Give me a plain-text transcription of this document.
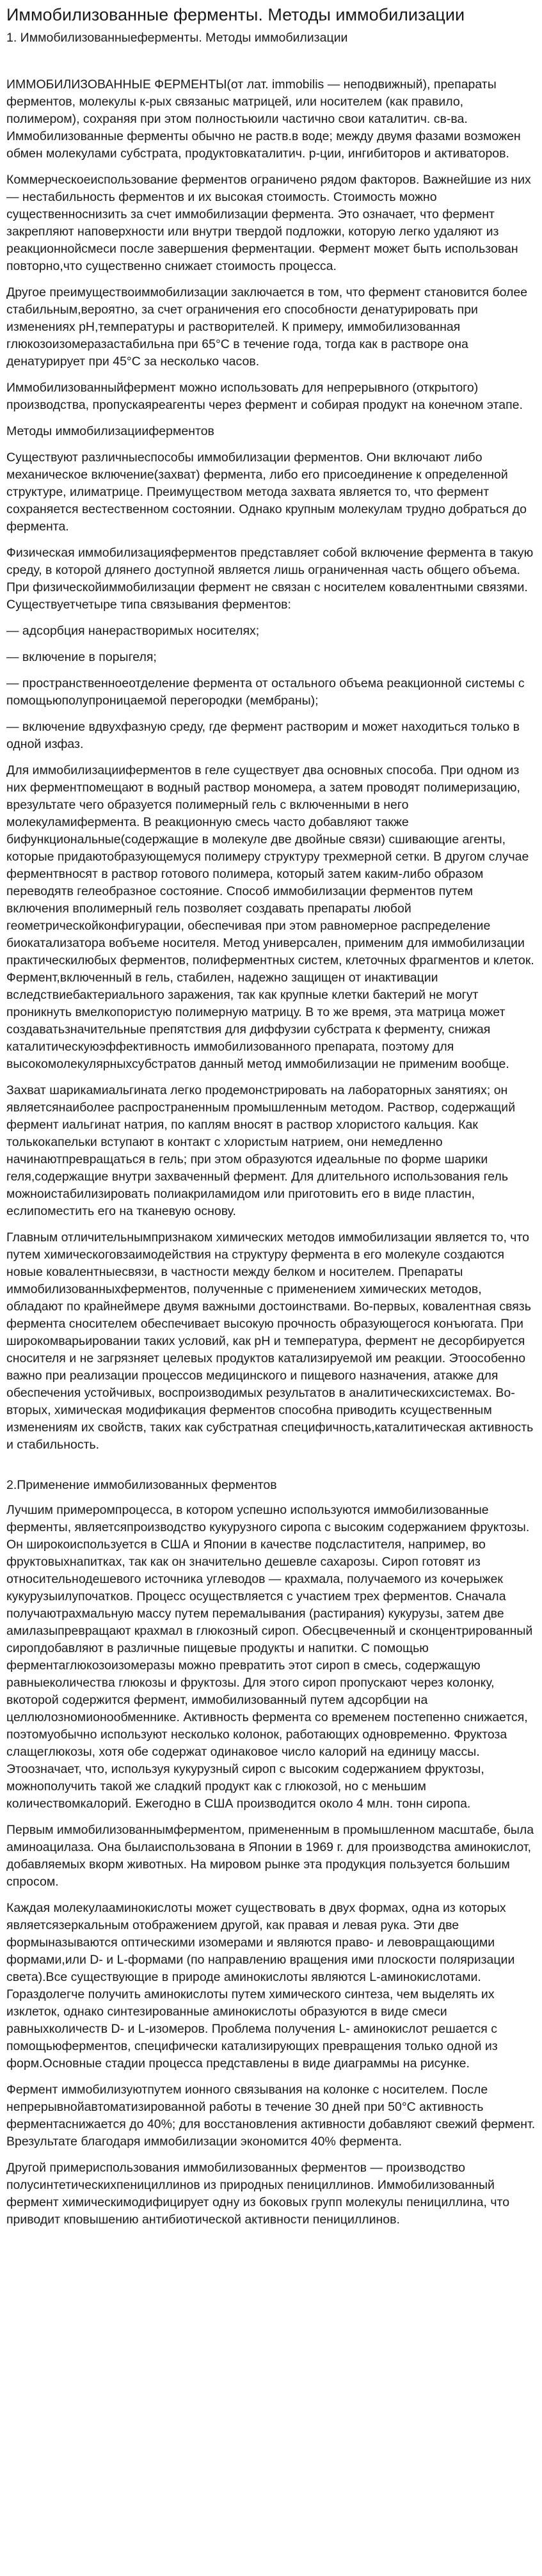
Иммобилизованные ферменты. Методы иммобилизации
1. Иммобилизованныеферменты. Методы иммобилизации

ИММОБИЛИЗОВАННЫЕ ФЕРМЕНТЫ(от лат. immobilis — неподвижный), препараты ферментов, молекулы к-рых связаныс матрицей, или носителем (как правило, полимером), сохраняя при этом полностьюили частично свои каталитич. св-ва. Иммобилизованные ферменты обычно не раств.в воде; между двумя фазами возможен обмен молекулами субстрата, продуктовкаталитич. р-ции, ингибиторов и активаторов.

Коммерческоеиспользование ферментов ограничено рядом факторов. Важнейшие из них — нестабильность ферментов и их высокая стоимость. Стоимость можно существенноснизить за счет иммобилизации фермента. Это означает, что фермент закрепляют наповерхности или внутри твердой подложки, которую легко удаляют из реакционнойсмеси после завершения ферментации. Фермент может быть использован повторно,что существенно снижает стоимость процесса.

Другое преимуществоиммобилизации заключается в том, что фермент становится более стабильным,вероятно, за счет ограничения его способности денатурировать при изменениях рН,температуры и растворителей. К примеру, иммобилизованная глюкозоизомеразастабильна при 65°С в течение года, тогда как в растворе она денатурирует при 45°С за несколько часов.

Иммобилизованныйфермент можно использовать для непрерывного (открытого) производства, пропускаяреагенты через фермент и собирая продукт на конечном этапе.

Методы иммобилизацииферментов

Существуют различныеспособы иммобилизации ферментов. Они включают либо механическое включение(захват) фермента, либо его присоединение к определенной структуре, илиматрице. Преимуществом метода захвата является то, что фермент сохраняется вестественном состоянии. Однако крупным молекулам трудно добраться до фермента.

Физическая иммобилизацияферментов представляет собой включение фермента в такую среду, в которой длянего доступной является лишь ограниченная часть общего объема. При физическойиммобилизации фермент не связан с носителем ковалентными связями. Существуетчетыре типа связывания ферментов:

— адсорбция нанерастворимых носителях;

— включение в порыгеля;

— пространственноеотделение фермента от остального объема реакционной системы с помощьюполупроницаемой перегородки (мембраны);

— включение вдвухфазную среду, где фермент растворим и может находиться только в одной изфаз.

Для иммобилизацииферментов в геле существует два основных способа. При одном из них ферментпомещают в водный раствор мономера, а затем проводят полимеризацию, врезультате чего образуется полимерный гель с включенными в него молекуламифермента. В реакционную смесь часто добавляют также бифункциональные(содержащие в молекуле две двойные связи) сшивающие агенты, которые придаютобразующемуся полимеру структуру трехмерной сетки. В другом случае ферментвносят в раствор готового полимера, который затем каким-либо образом переводятв гелеобразное состояние. Способ иммобилизации ферментов путем включения вполимерный гель позволяет создавать препараты любой геометрическойконфигурации, обеспечивая при этом равномерное распределение биокатализатора вобъеме носителя. Метод универсален, применим для иммобилизации практическилюбых ферментов, полиферментных систем, клеточных фрагментов и клеток. Фермент,включенный в гель, стабилен, надежно защищен от инактивации вследствиебактериального заражения, так как крупные клетки бактерий не могут проникнуть вмелкопористую полимерную матрицу. В то же время, эта матрица может создаватьзначительные препятствия для диффузии субстрата к ферменту, снижая каталитическуюэффективность иммобилизованного препарата, поэтому для высокомолекулярныхсубстратов данный метод иммобилизации не применим вообще.

Захват шарикамиальгината легко продемонстрировать на лабораторных занятиях; он являетсянаиболее распространенным промышленным методом. Раствор, содержащий фермент иальгинат натрия, по каплям вносят в раствор хлористого кальция. Как толькокапельки вступают в контакт с хлористым натрием, они немедленно начинаютпревращаться в гель; при этом образуются идеальные по форме шарики геля,содержащие внутри захваченный фермент. Для длительного использования гель можноистабилизировать полиакриламидом или приготовить его в виде пластин, еслипоместить его на тканевую основу.

Главным отличительнымпризнаком химических методов иммобилизации является то, что путем химическоговзаимодействия на структуру фермента в его молекуле создаются новые ковалентныесвязи, в частности между белком и носителем. Препараты иммобилизованныхферментов, полученные с применением химических методов, обладают по крайнеймере двумя важными достоинствами. Во-первых, ковалентная связь фермента сносителем обеспечивает высокую прочность образующегося конъюгата. При широкомварьировании таких условий, как рН и температура, фермент не десорбируется сносителя и не загрязняет целевых продуктов катализируемой им реакции. Этоособенно важно при реализации процессов медицинского и пищевого назначения, атакже для обеспечения устойчивых, воспроизводимых результатов в аналитическихсистемах. Во-вторых, химическая модификация ферментов способна приводить ксущественным изменениям их свойств, таких как субстратная специфичность,каталитическая активность и стабильность.

2.Применение иммобилизованных ферментов

Лучшим примеромпроцесса, в котором успешно используются иммобилизованные ферменты, являетсяпроизводство кукурузного сиропа с высоким содержанием фруктозы. Он широкоиспользуется в США и Японии в качестве подсластителя, например, во фруктовыхнапитках, так как он значительно дешевле сахарозы. Сироп готовят из относительнодешевого источника углеводов — крахмала, получаемого из кочерыжек кукурузыилупочатков. Процесс осуществляется с участием трех ферментов. Сначала получаютрахмальную массу путем перемалывания (растирания) кукурузы, затем две амилазыпревращают крахмал в глюкозный сироп. Обесцвеченный и сконцентрированный сиропдобавляют в различные пищевые продукты и напитки. С помощью ферментаглюкозоизомеразы можно превратить этот сироп в смесь, содержащую равныеколичества глюкозы и фруктозы. Для этого сироп пропускают через колонку, вкоторой содержится фермент, иммобилизованный путем адсорбции на целлюлозномионообменнике. Активность фермента со временем постепенно снижается, поэтомуобычно используют несколько колонок, работающих одновременно. Фруктоза слащеглюкозы, хотя обе содержат одинаковое число калорий на единицу массы. Этоозначает, что, используя кукурузный сироп с высоким содержанием фруктозы, можнополучить такой же сладкий продукт как с глюкозой, но с меньшим количествомкалорий. Ежегодно в США производится около 4 млн. тонн сиропа.

Первым иммобилизованнымферментом, примененным в промышленном масштабе, была аминоацилаза. Она былаиспользована в Японии в 1969 г. для производства аминокислот, добавляемых вкорм животных. На мировом рынке эта продукция пользуется большим спросом.

Каждая молекулааминокислоты может существовать в двух формах, одна из которых являетсязеркальным отображением другой, как правая и левая рука. Эти две формыназываются оптическими изомерами и являются право- и левовращающими формами,или D- и L-формами (по направлению вращения ими плоскости поляризации света).Все существующие в природе аминокислоты являются L-аминокислотами. Гораздолегче получить аминокислоты путем химического синтеза, чем выделять их изклеток, однако синтезированные аминокислоты образуются в виде смеси равныхколичеств D- и L-изомеров. Проблема получения L- аминокислот решается с помощьюферментов, специфически катализирующих превращения только одной из форм.Основные стадии процесса представлены в виде диаграммы на рисунке.

Фермент иммобилизуютпутем ионного связывания на колонке с носителем. После непрерывнойавтоматизированной работы в течение 30 дней при 50°С активность ферментаснижается до 40%; для восстановления активности добавляют свежий фермент. Врезультате благодаря иммобилизации экономится 40% фермента.

Другой примериспользования иммобилизованных ферментов — производство полусинтетическихпенициллинов из природных пенициллинов. Иммобилизованный фермент химическимодифицирует одну из боковых групп молекулы пенициллина, что приводит кповышению антибиотической активности пенициллинов.
